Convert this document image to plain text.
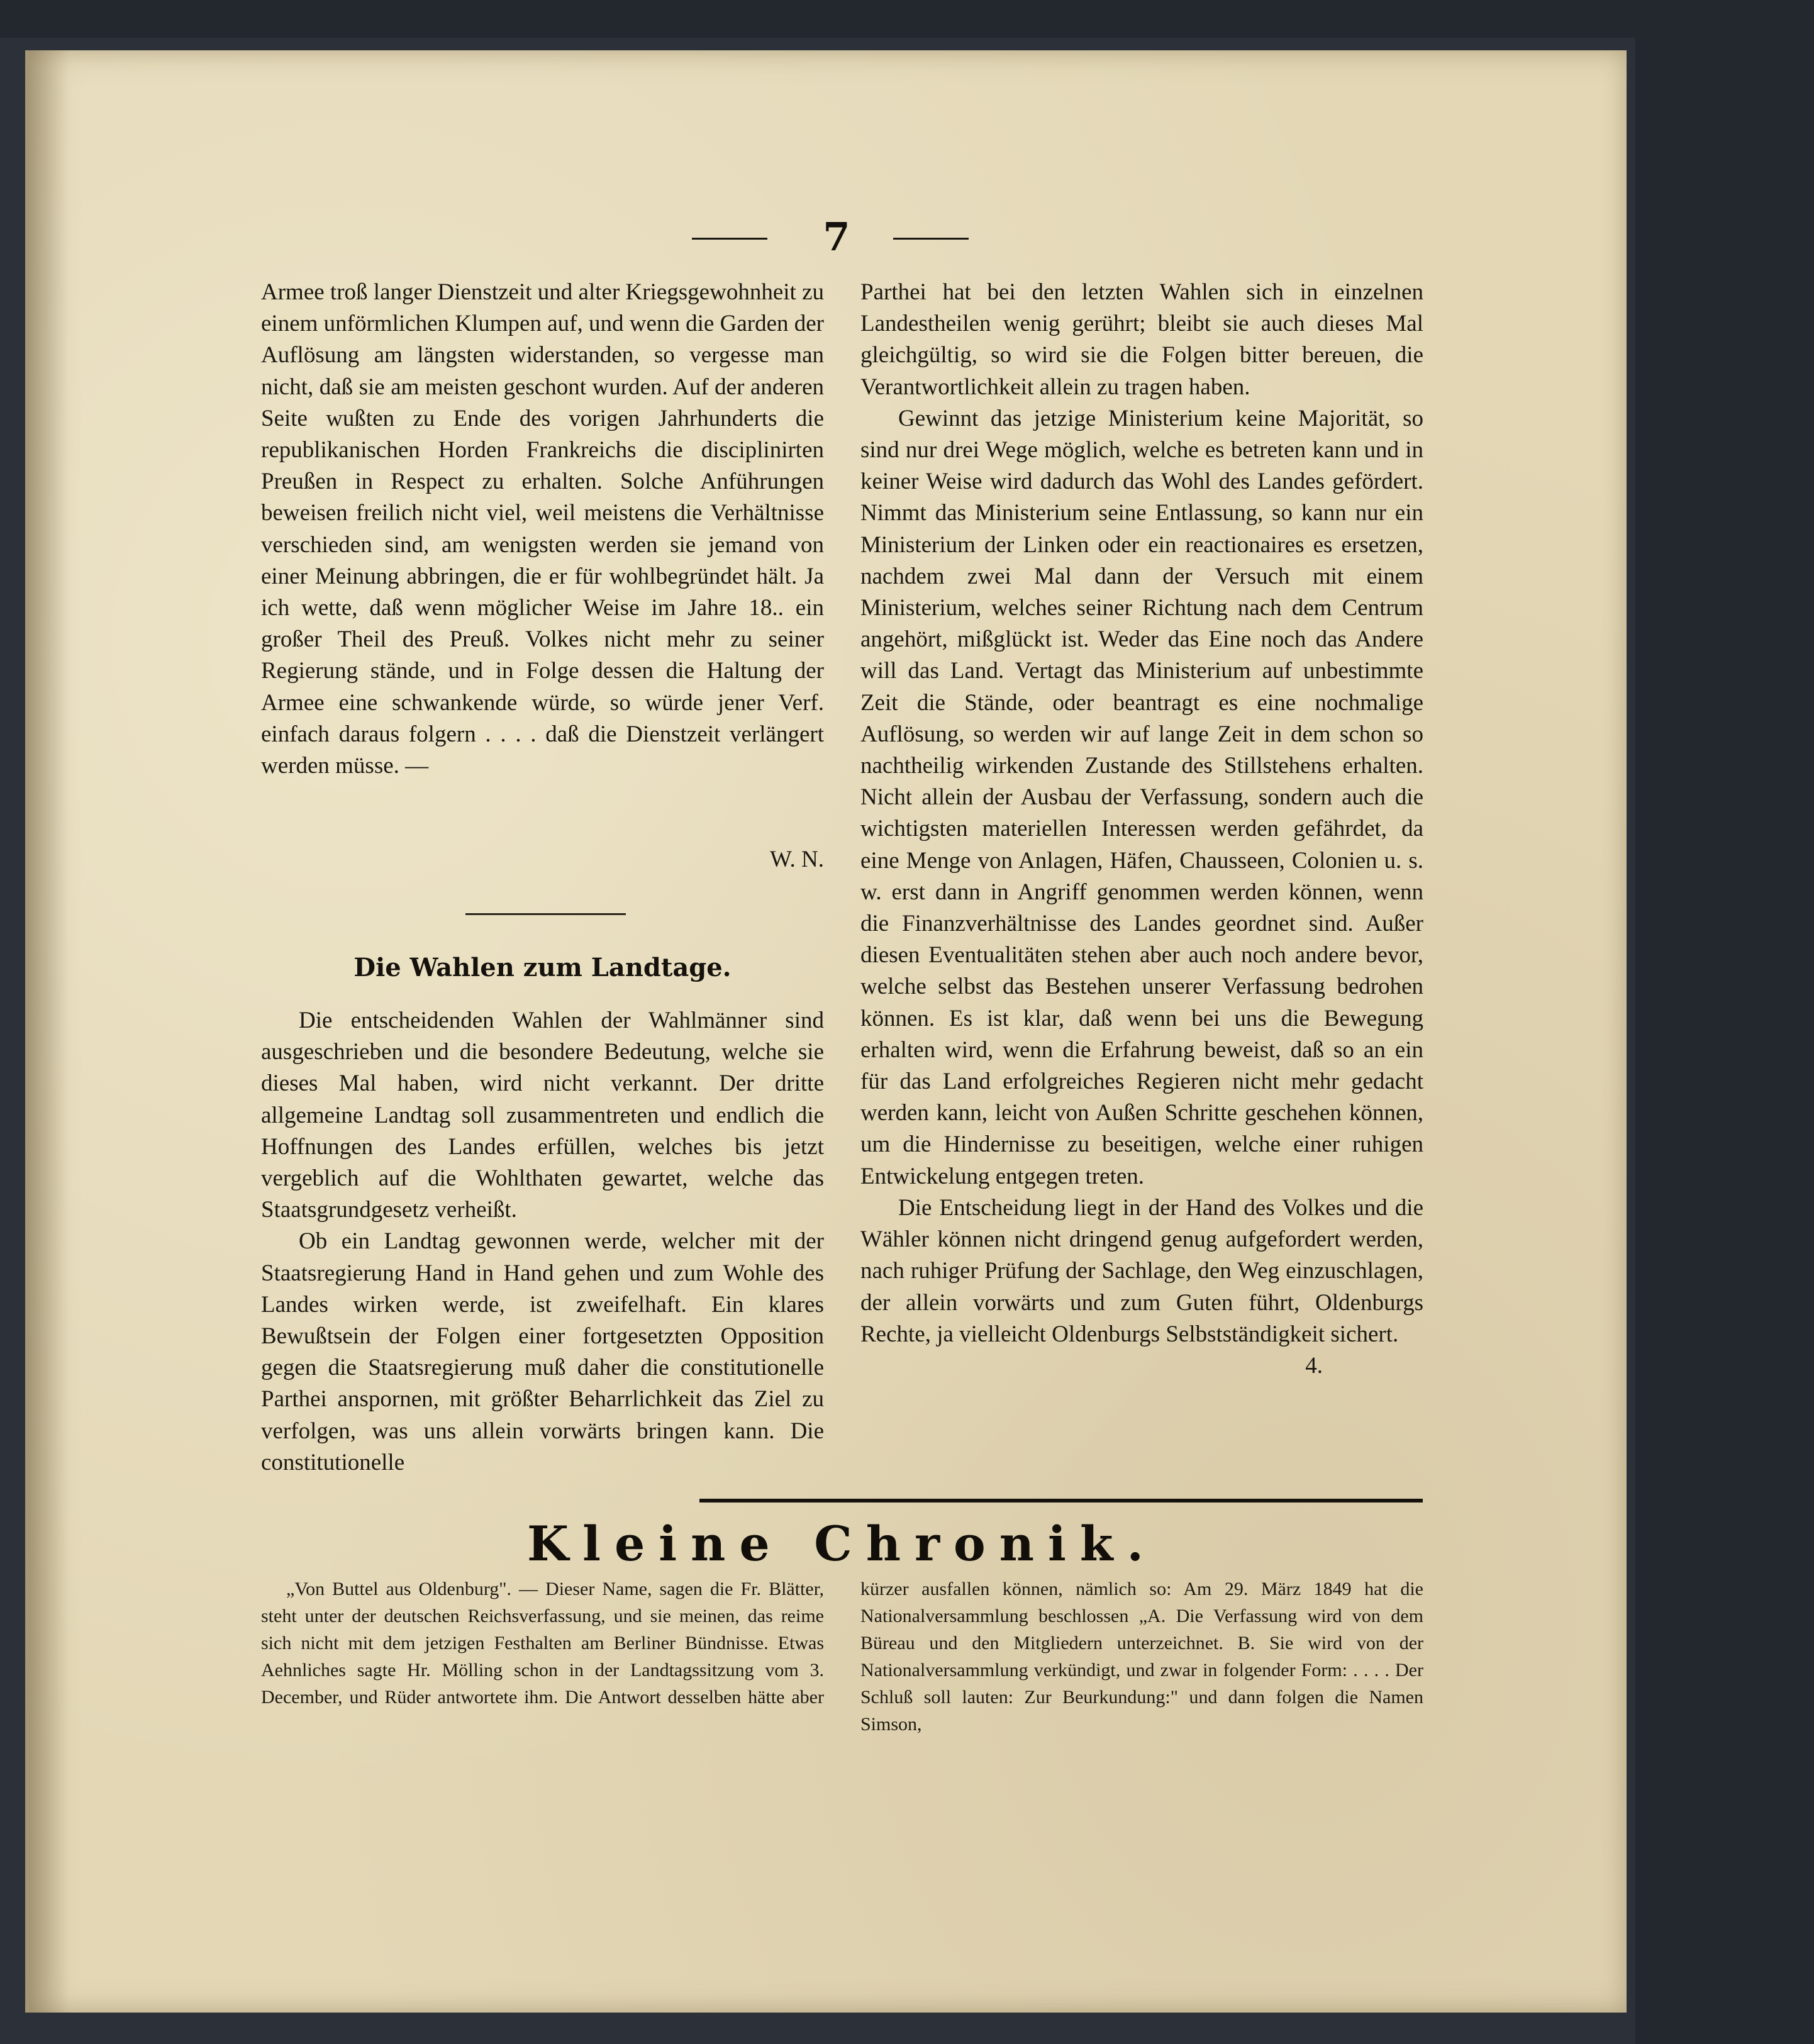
7

Armee troß langer Dienstzeit und alter Kriegsgewohnheit zu einem unförmlichen Klumpen auf, und wenn die Garden der Auflösung am längsten widerstanden, so vergesse man nicht, daß sie am meisten geschont wurden. Auf der anderen Seite wußten zu Ende des vorigen Jahrhunderts die republikanischen Horden Frankreichs die disciplinirten Preußen in Respect zu erhalten. Solche Anführungen beweisen freilich nicht viel, weil meistens die Verhältnisse verschieden sind, am wenigsten werden sie jemand von einer Meinung abbringen, die er für wohlbegründet hält. Ja ich wette, daß wenn möglicher Weise im Jahre 18.. ein großer Theil des Preuß. Volkes nicht mehr zu seiner Regierung stände, und in Folge dessen die Haltung der Armee eine schwankende würde, so würde jener Verf. einfach daraus folgern . . . . daß die Dienstzeit verlängert werden müsse. —

W. N.
Die Wahlen zum Landtage.

Die entscheidenden Wahlen der Wahlmänner sind ausgeschrieben und die besondere Bedeutung, welche sie dieses Mal haben, wird nicht verkannt. Der dritte allgemeine Landtag soll zusammentreten und endlich die Hoffnungen des Landes erfüllen, welches bis jetzt vergeblich auf die Wohlthaten gewartet, welche das Staatsgrundgesetz verheißt.

Ob ein Landtag gewonnen werde, welcher mit der Staatsregierung Hand in Hand gehen und zum Wohle des Landes wirken werde, ist zweifelhaft. Ein klares Bewußtsein der Folgen einer fortgesetzten Opposition gegen die Staatsregierung muß daher die constitutionelle Parthei anspornen, mit größter Beharrlichkeit das Ziel zu verfolgen, was uns allein vorwärts bringen kann. Die constitutionelle

Parthei hat bei den letzten Wahlen sich in einzelnen Landestheilen wenig gerührt; bleibt sie auch dieses Mal gleichgültig, so wird sie die Folgen bitter bereuen, die Verantwortlichkeit allein zu tragen haben.

Gewinnt das jetzige Ministerium keine Majorität, so sind nur drei Wege möglich, welche es betreten kann und in keiner Weise wird dadurch das Wohl des Landes gefördert. Nimmt das Ministerium seine Entlassung, so kann nur ein Ministerium der Linken oder ein reactionaires es ersetzen, nachdem zwei Mal dann der Versuch mit einem Ministerium, welches seiner Richtung nach dem Centrum angehört, mißglückt ist. Weder das Eine noch das Andere will das Land. Vertagt das Ministerium auf unbestimmte Zeit die Stände, oder beantragt es eine nochmalige Auflösung, so werden wir auf lange Zeit in dem schon so nachtheilig wirkenden Zustande des Stillstehens erhalten. Nicht allein der Ausbau der Verfassung, sondern auch die wichtigsten materiellen Interessen werden gefährdet, da eine Menge von Anlagen, Häfen, Chausseen, Colonien u. s. w. erst dann in Angriff genommen werden können, wenn die Finanzverhältnisse des Landes geordnet sind. Außer diesen Eventualitäten stehen aber auch noch andere bevor, welche selbst das Bestehen unserer Verfassung bedrohen können. Es ist klar, daß wenn bei uns die Bewegung erhalten wird, wenn die Erfahrung beweist, daß so an ein für das Land erfolgreiches Regieren nicht mehr gedacht werden kann, leicht von Außen Schritte geschehen können, um die Hindernisse zu beseitigen, welche einer ruhigen Entwickelung entgegen treten.

Die Entscheidung liegt in der Hand des Volkes und die Wähler können nicht dringend genug aufgefordert werden, nach ruhiger Prüfung der Sachlage, den Weg einzuschlagen, der allein vorwärts und zum Guten führt, Oldenburgs Rechte, ja vielleicht Oldenburgs Selbstständigkeit sichert.
4.

Kleine Chronik.

„Von Buttel aus Oldenburg". — Dieser Name, sagen die Fr. Blätter, steht unter der deutschen Reichsverfassung, und sie meinen, das reime sich nicht mit dem jetzigen Festhalten am Berliner Bündnisse. Etwas Aehnliches sagte Hr. Mölling schon in der Landtagssitzung vom 3. December, und Rüder antwortete ihm. Die Antwort desselben hätte aber

kürzer ausfallen können, nämlich so: Am 29. März 1849 hat die Nationalversammlung beschlossen „A. Die Verfassung wird von dem Büreau und den Mitgliedern unterzeichnet. B. Sie wird von der Nationalversammlung verkündigt, und zwar in folgender Form: . . . . Der Schluß soll lauten: Zur Beurkundung:" und dann folgen die Namen Simson,
